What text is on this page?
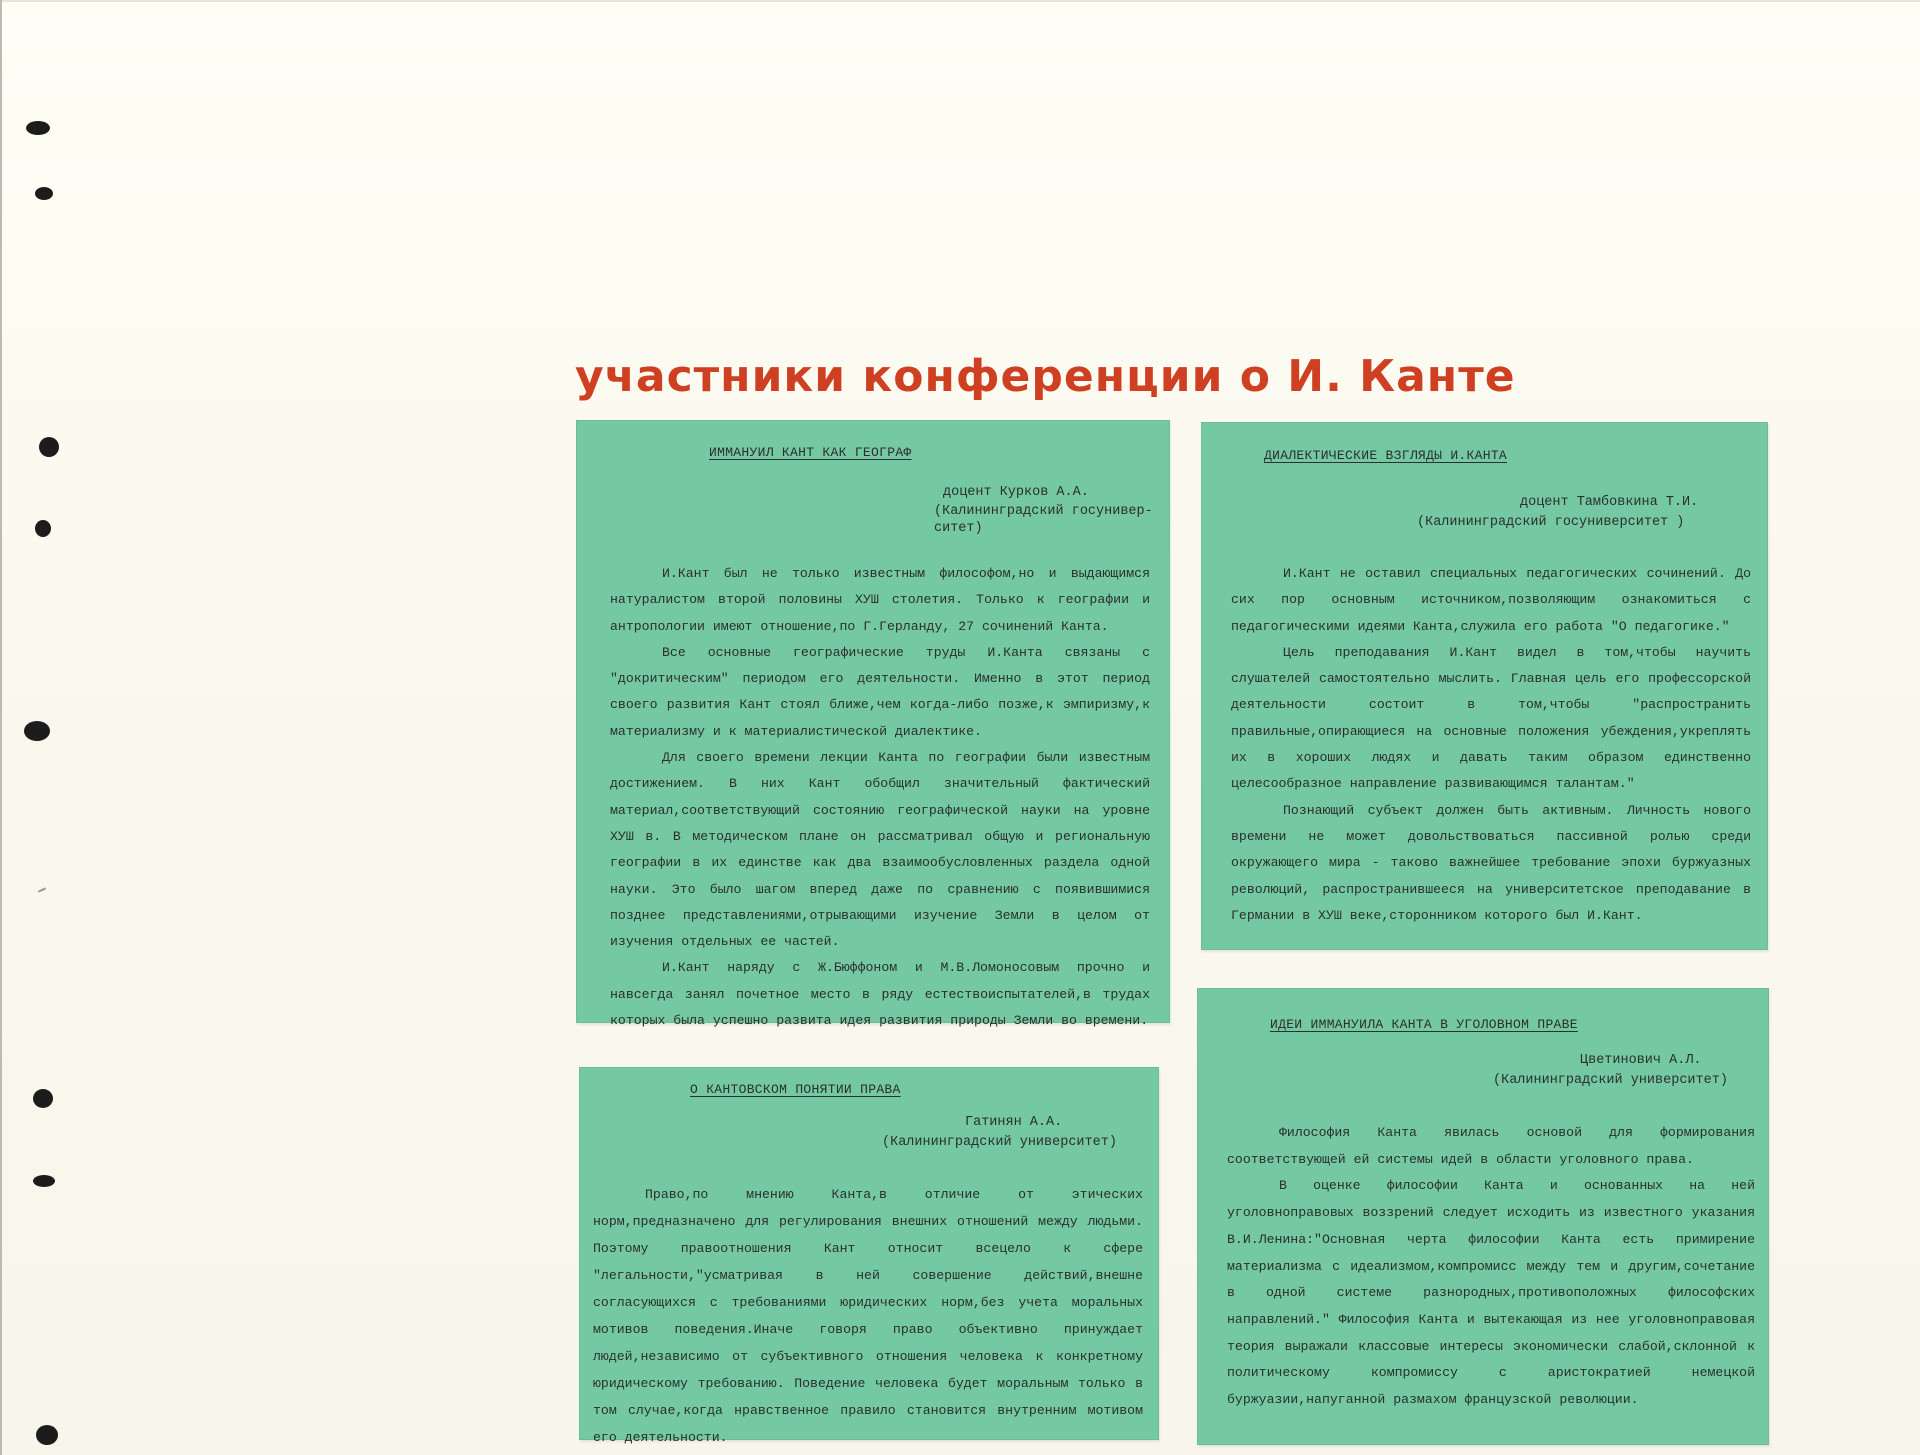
участники конференции о И. Канте
ИММАНУИЛ КАНТ КАК ГЕОГРАФ
доцент Курков А.А.
(Калининградский госунивер-
ситет)

И.Кант был не только известным философом,но и выдающимся натуралистом второй половины ХУШ столетия. Только к географии и антропологии имеют отношение,по Г.Герланду, 27 сочинений Канта.

Все основные географические труды И.Канта связаны с "докритическим" периодом его деятельности. Именно в этот период своего развития Кант стоял ближе,чем когда-либо позже,к эмпиризму,к материализму и к материалистической диалектике.

Для своего времени лекции Канта по географии были известным достижением. В них Кант обобщил значительный фактический материал,соответствующий состоянию географической науки на уровне ХУШ в. В методическом плане он рассматривал общую и региональную географии в их единстве как два взаимообусловленных раздела одной науки. Это было шагом вперед даже по сравнению с появившимися позднее представлениями,отрывающими изучение Земли в целом от изучения отдельных ее частей.

И.Кант наряду с Ж.Бюффоном и М.В.Ломоносовым прочно и навсегда занял почетное место в ряду естествоиспытателей,в трудах которых была успешно развита идея развития природы Земли во времени.

ДИАЛЕКТИЧЕСКИЕ ВЗГЛЯДЫ И.КАНТА
доцент Тамбовкина Т.И.
(Калининградский госуниверситет )

И.Кант не оставил специальных педагогических сочинений. До сих пор основным источником,позволяющим ознакомиться с педагогическими идеями Канта,служила его работа "О педагогике."

Цель преподавания И.Кант видел в том,чтобы научить слушателей самостоятельно мыслить. Главная цель его профессорской деятельности состоит в том,чтобы "распространить правильные,опирающиеся на основные положения убеждения,укреплять их в хороших людях и давать таким образом единственно целесообразное направление развивающимся талантам."

Познающий субъект должен быть активным. Личность нового времени не может довольствоваться пассивной ролью среди окружающего мира - таково важнейшее требование эпохи буржуазных революций, распространившееся на университетское преподавание в Германии в ХУШ веке,сторонником которого был И.Кант.

О КАНТОВСКОМ ПОНЯТИИ ПРАВА
Гатинян А.А.
(Калининградский университет)

Право,по мнению Канта,в отличие от этических норм,предназначено для регулирования внешних отношений между людьми. Поэтому правоотношения Кант относит всецело к сфере "легальности,"усматривая в ней совершение действий,внешне согласующихся с требованиями юридических норм,без учета моральных мотивов поведения.Иначе говоря право объективно принуждает людей,независимо от субъективного отношения человека к конкретному юридическому требованию. Поведение человека будет моральным только в том случае,когда нравственное правило становится внутренним мотивом его деятельности.

ИДЕИ ИММАНУИЛА КАНТА В УГОЛОВНОМ ПРАВЕ
Цветинович А.Л.
(Калининградский университет)

Философия Канта явилась основой для формирования соответствующей ей системы идей в области уголовного права.

В оценке философии Канта и основанных на ней уголовноправовых воззрений следует исходить из известного указания В.И.Ленина:"Основная черта философии Канта есть примирение материализма с идеализмом,компромисс между тем и другим,сочетание в одной системе разнородных,противоположных философских направлений." Философия Канта и вытекающая из нее уголовноправовая теория выражали классовые интересы экономически слабой,склонной к политическому компромиссу с аристократией немецкой буржуазии,напуганной размахом французской революции.
